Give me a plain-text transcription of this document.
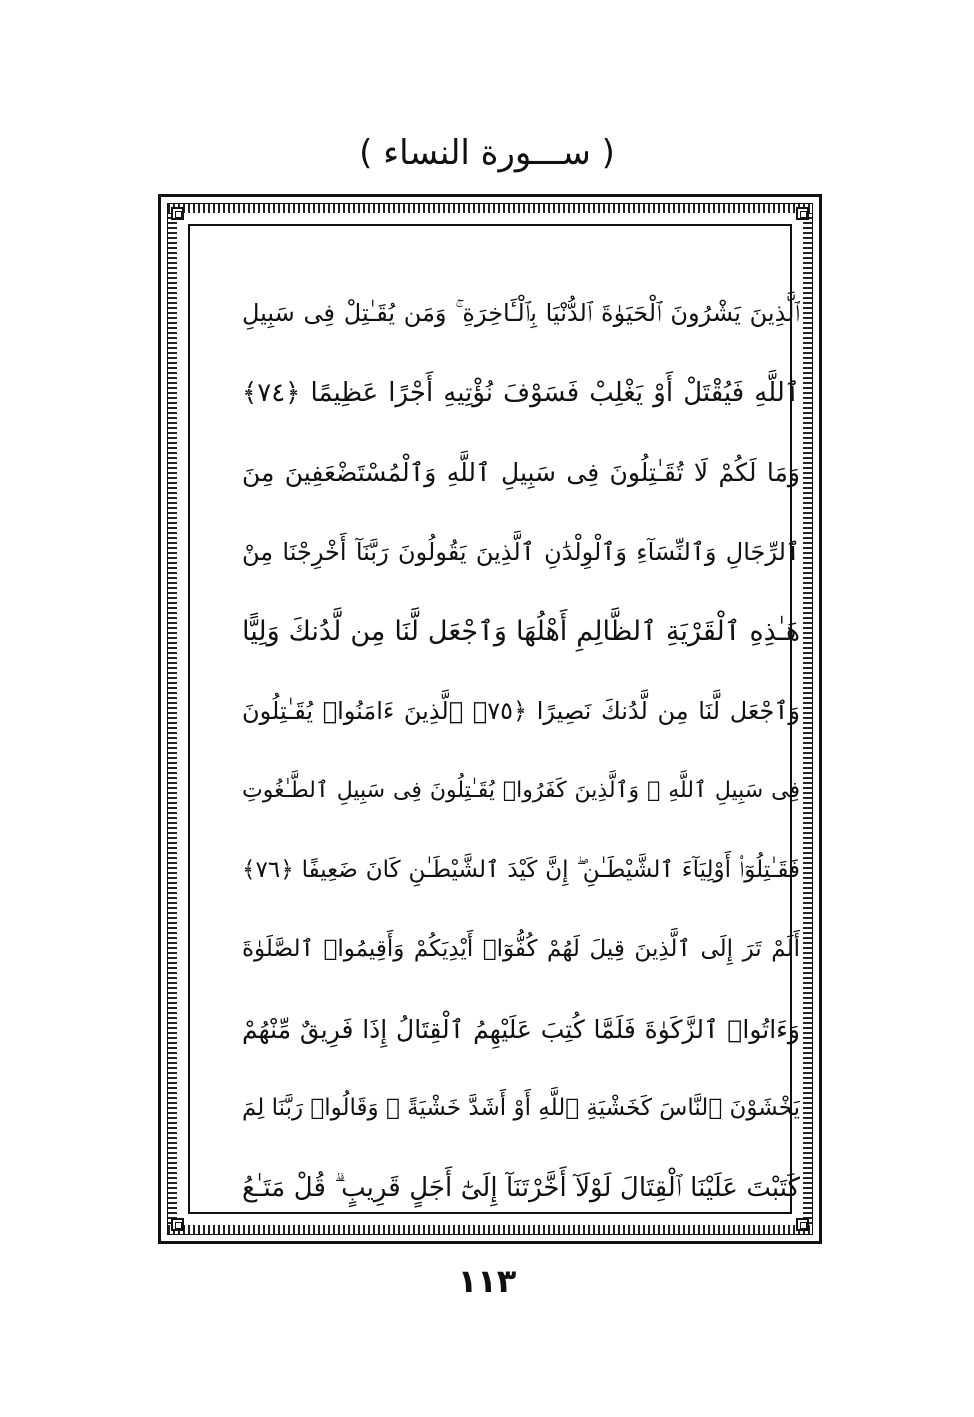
( ســـورة النساء )
ٱلَّذِينَ يَشْرُونَ ٱلْحَيَوٰةَ ٱلدُّنْيَا بِٱلْـَٔاخِرَةِ ۚ وَمَن يُقَـٰتِلْ فِى سَبِيلِ
ٱللَّهِ فَيُقْتَلْ أَوْ يَغْلِبْ فَسَوْفَ نُؤْتِيهِ أَجْرًا عَظِيمًا ﴿٧٤﴾
وَمَا لَكُمْ لَا تُقَـٰتِلُونَ فِى سَبِيلِ ٱللَّهِ وَٱلْمُسْتَضْعَفِينَ مِنَ
ٱلرِّجَالِ وَٱلنِّسَآءِ وَٱلْوِلْدَٰنِ ٱلَّذِينَ يَقُولُونَ رَبَّنَآ أَخْرِجْنَا مِنْ
هَـٰذِهِ ٱلْقَرْيَةِ ٱلظَّالِمِ أَهْلُهَا وَٱجْعَل لَّنَا مِن لَّدُنكَ وَلِيًّا
وَٱجْعَل لَّنَا مِن لَّدُنكَ نَصِيرًا ﴿٧٥﴾ ٱلَّذِينَ ءَامَنُوا۟ يُقَـٰتِلُونَ
فِى سَبِيلِ ٱللَّهِ ۖ وَٱلَّذِينَ كَفَرُوا۟ يُقَـٰتِلُونَ فِى سَبِيلِ ٱلطَّـٰغُوتِ
فَقَـٰتِلُوٓا۟ أَوْلِيَآءَ ٱلشَّيْطَـٰنِ ۖ إِنَّ كَيْدَ ٱلشَّيْطَـٰنِ كَانَ ضَعِيفًا ﴿٧٦﴾
أَلَمْ تَرَ إِلَى ٱلَّذِينَ قِيلَ لَهُمْ كُفُّوٓا۟ أَيْدِيَكُمْ وَأَقِيمُوا۟ ٱلصَّلَوٰةَ
وَءَاتُوا۟ ٱلزَّكَوٰةَ فَلَمَّا كُتِبَ عَلَيْهِمُ ٱلْقِتَالُ إِذَا فَرِيقٌ مِّنْهُمْ
يَخْشَوْنَ ٱلنَّاسَ كَخَشْيَةِ ٱللَّهِ أَوْ أَشَدَّ خَشْيَةً ۚ وَقَالُوا۟ رَبَّنَا لِمَ
كَتَبْتَ عَلَيْنَا ٱلْقِتَالَ لَوْلَآ أَخَّرْتَنَآ إِلَىٰٓ أَجَلٍ قَرِيبٍ ۗ قُلْ مَتَـٰعُ
١١٣
